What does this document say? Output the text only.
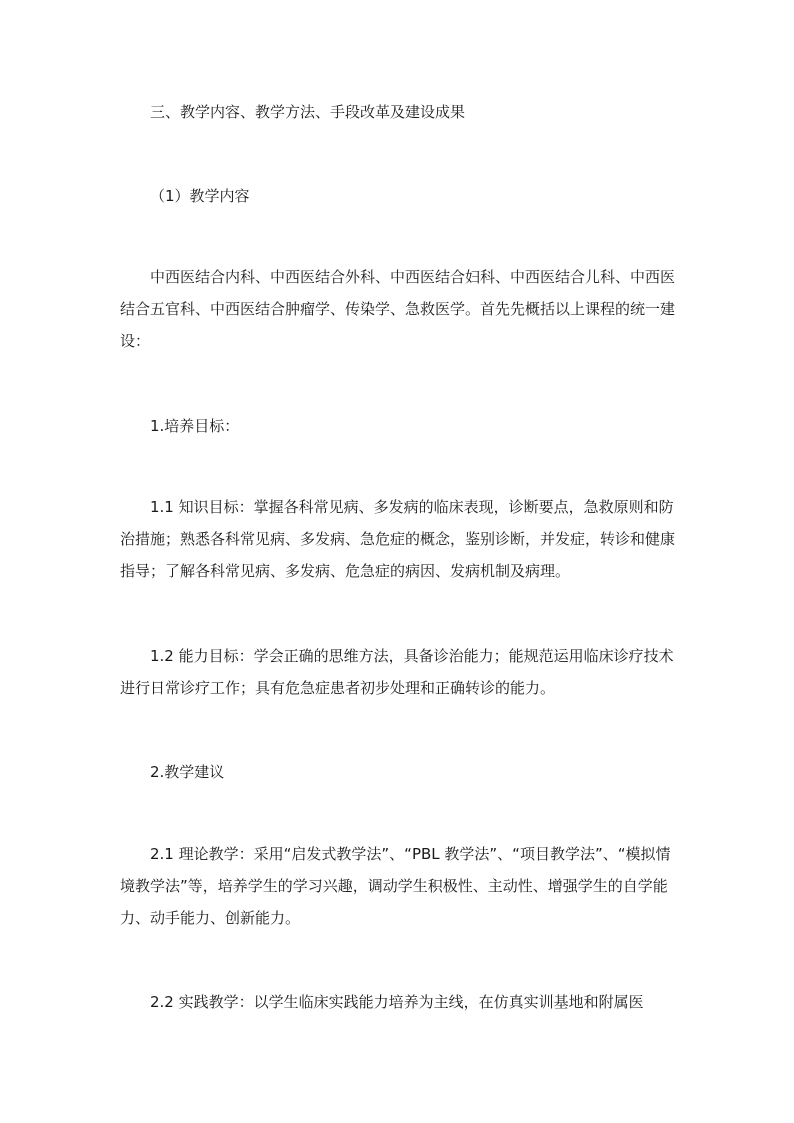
三、教学内容、教学方法、手段改革及建设成果

（1）教学内容

中西医结合内科、中西医结合外科、中西医结合妇科、中西医结合儿科、中西医结合五官科、中西医结合肿瘤学、传染学、急救医学。首先先概括以上课程的统一建设：

1.培养目标：

1.1 知识目标：掌握各科常见病、多发病的临床表现，诊断要点，急救原则和防治措施；熟悉各科常见病、多发病、急危症的概念，鉴别诊断，并发症，转诊和健康指导；了解各科常见病、多发病、危急症的病因、发病机制及病理。

1.2 能力目标：学会正确的思维方法，具备诊治能力；能规范运用临床诊疗技术进行日常诊疗工作；具有危急症患者初步处理和正确转诊的能力。

2.教学建议

2.1 理论教学：采用“启发式教学法”、“PBL 教学法”、“项目教学法”、“模拟情境教学法”等，培养学生的学习兴趣，调动学生积极性、主动性、增强学生的自学能力、动手能力、创新能力。

2.2 实践教学：以学生临床实践能力培养为主线，在仿真实训基地和附属医
